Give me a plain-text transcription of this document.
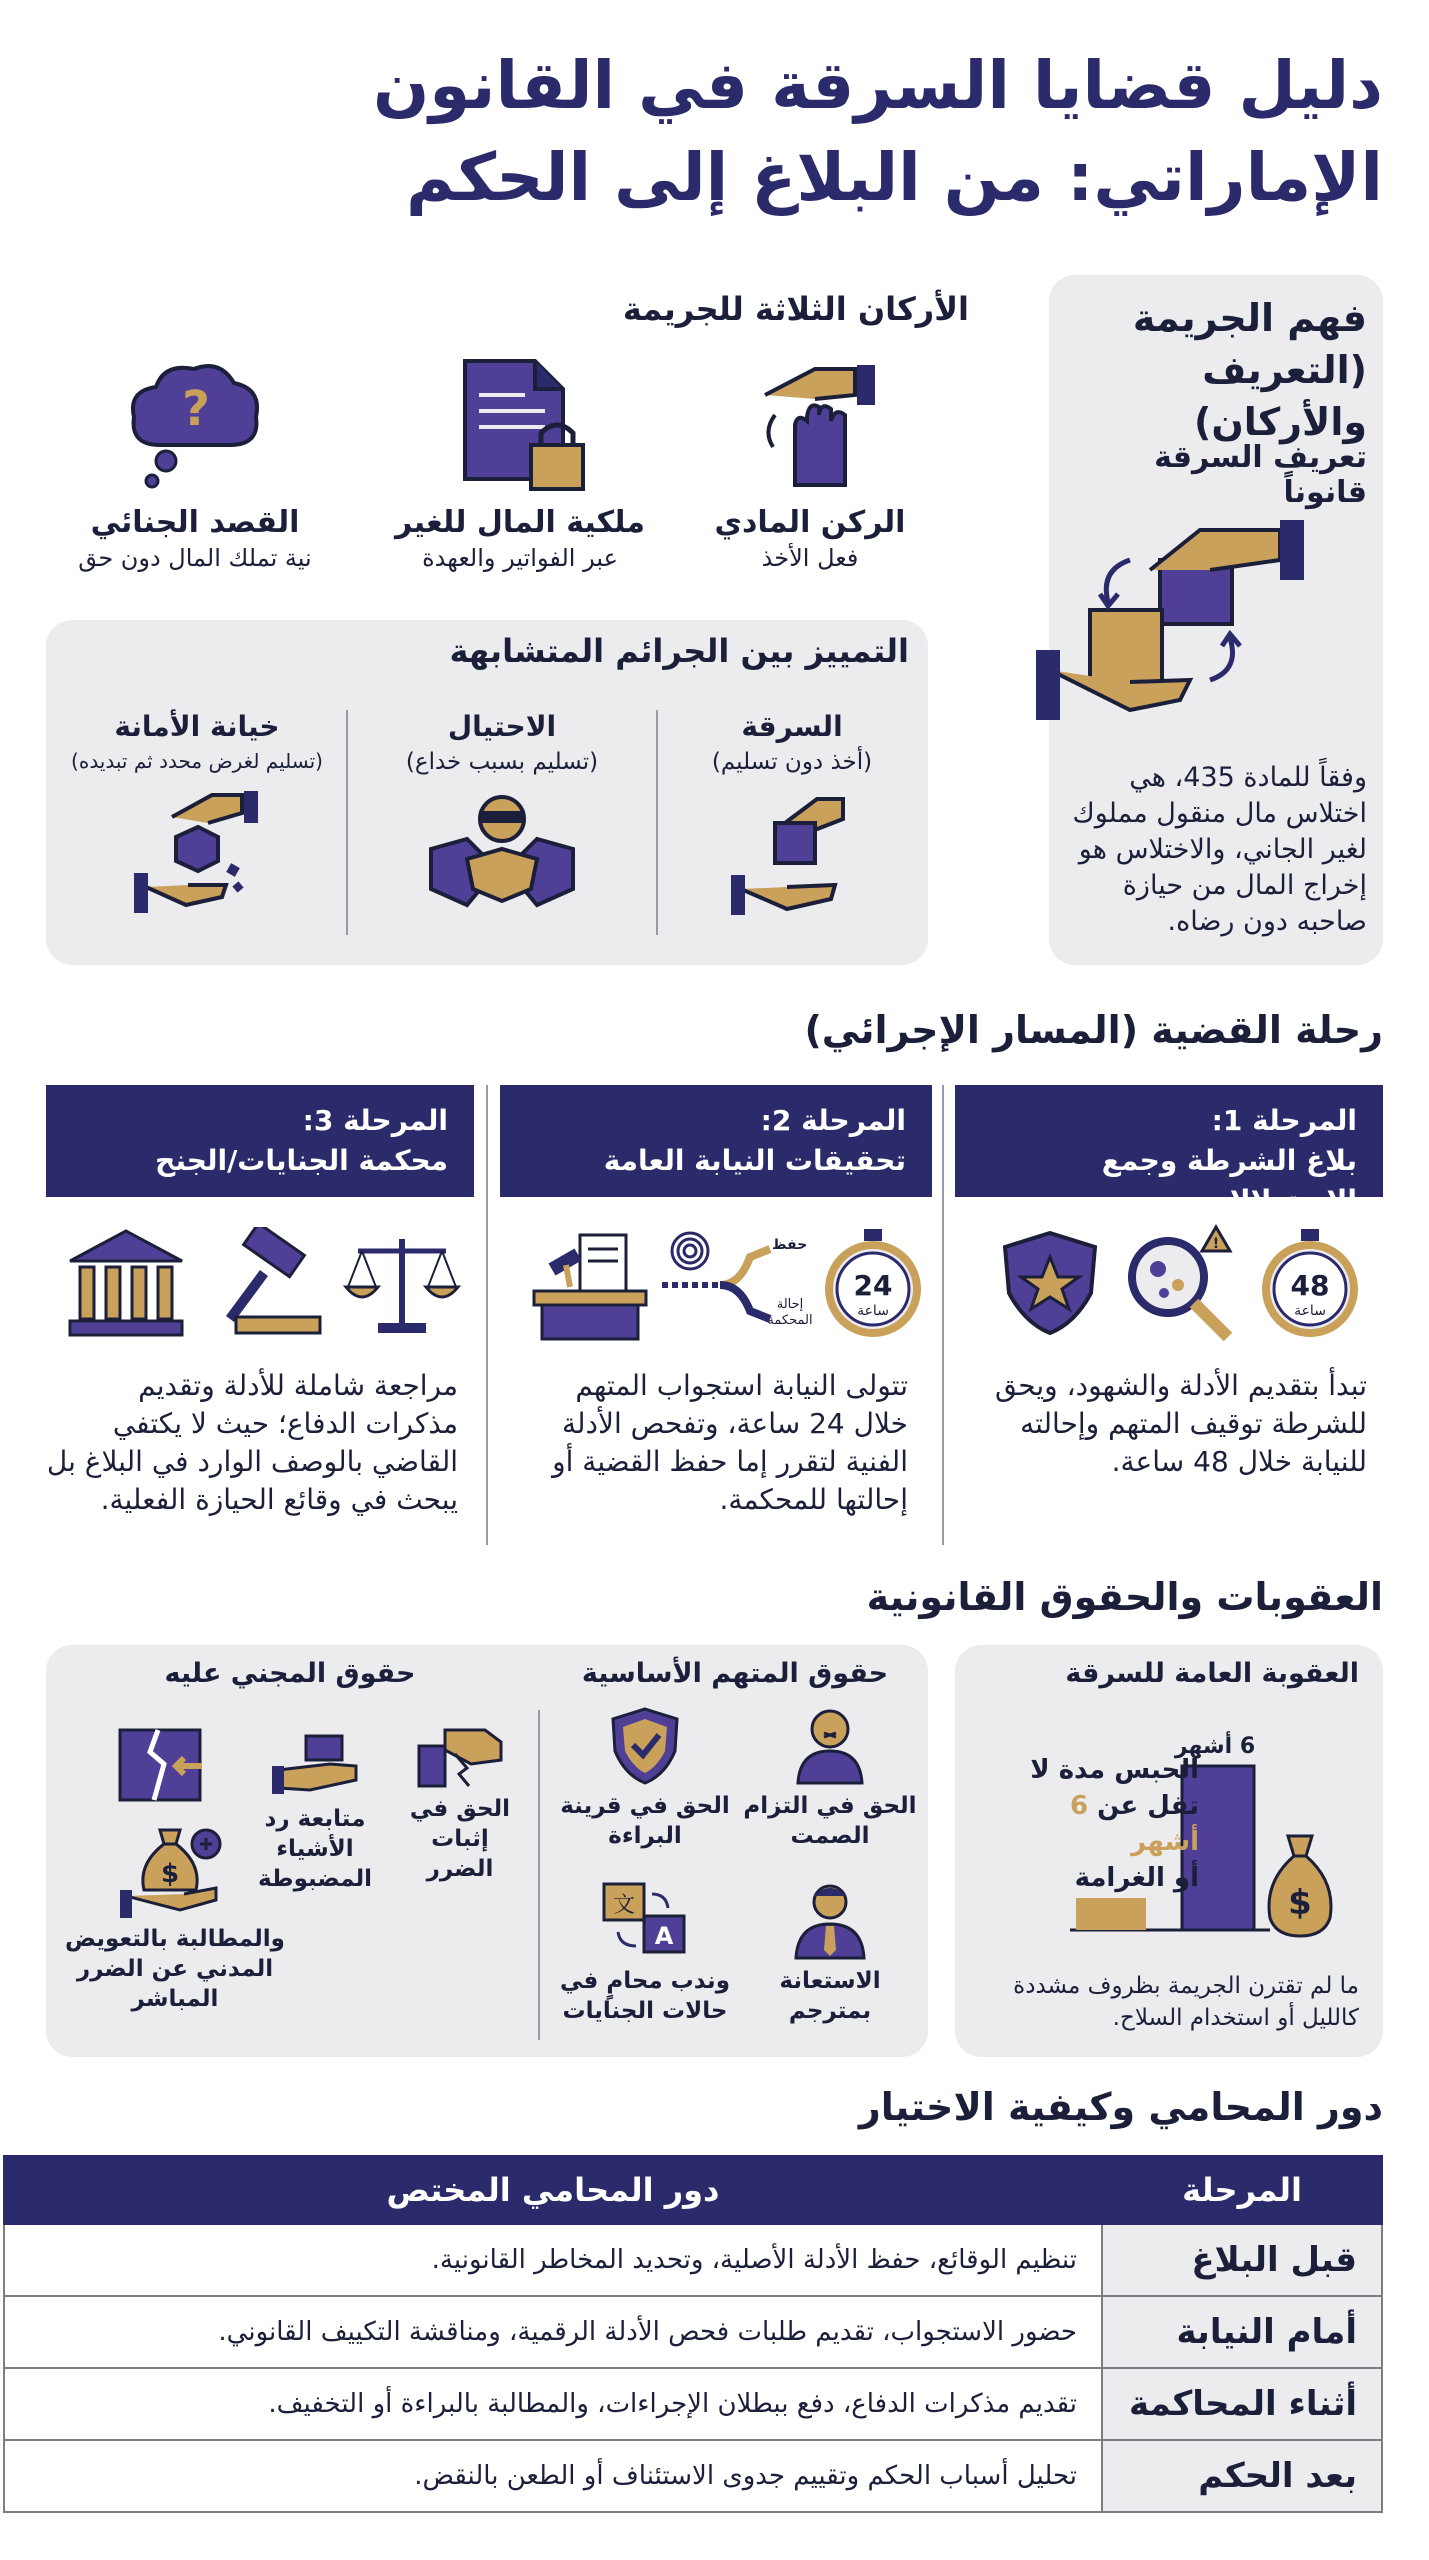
دليل قضايا السرقة في القانون
الإماراتي: من البلاغ إلى الحكم
فهم الجريمة
(التعريف والأركان)
تعريف السرقة قانوناً
وفقاً للمادة 435، هي اختلاس مال منقول مملوك لغير الجاني، والاختلاس هو إخراج المال من حيازة صاحبه دون رضاه.
الأركان الثلاثة للجريمة
الركن المادي
فعل الأخذ
ملكية المال للغير
عبر الفواتير والعهدة
?
القصد الجنائي
نية تملك المال دون حق
التمييز بين الجرائم المتشابهة
السرقة
(أخذ دون تسليم)
الاحتيال
(تسليم بسبب خداع)
خيانة الأمانة
(تسليم لغرض محدد ثم تبديده)
رحلة القضية (المسار الإجرائي)
المرحلة 1:
بلاغ الشرطة وجمع الاستدلالات
48
ساعة
!
تبدأ بتقديم الأدلة والشهود، ويحق للشرطة توقيف المتهم وإحالته للنيابة خلال 48 ساعة.
المرحلة 2:
تحقيقات النيابة العامة
24
ساعة
حفظ
إحالة
المحكمة
تتولى النيابة استجواب المتهم خلال 24 ساعة، وتفحص الأدلة الفنية لتقرر إما حفظ القضية أو إحالتها للمحكمة.
المرحلة 3:
محكمة الجنايات/الجنح
مراجعة شاملة للأدلة وتقديم مذكرات الدفاع؛ حيث لا يكتفي القاضي بالوصف الوارد في البلاغ بل يبحث في وقائع الحيازة الفعلية.
العقوبات والحقوق القانونية
العقوبة العامة للسرقة
6 أشهر
$
الحبس مدة لا
تقل عن 6 أشهر
أو الغرامة
ما لم تقترن الجريمة بظروف مشددة كالليل أو استخدام السلاح.
حقوق المتهم الأساسية
الحق في التزام الصمت
الحق في قرينة البراءة
الاستعانة بمترجم
文
A
وندب محامٍ في حالات الجنايات
حقوق المجني عليه
الحق في إثبات الضرر
متابعة رد الأشياء المضبوطة
$
والمطالبة بالتعويض المدني عن الضرر المباشر
دور المحامي وكيفية الاختيار
المرحلة	دور المحامي المختص
قبل البلاغ	تنظيم الوقائع، حفظ الأدلة الأصلية، وتحديد المخاطر القانونية.
أمام النيابة	حضور الاستجواب، تقديم طلبات فحص الأدلة الرقمية، ومناقشة التكييف القانوني.
أثناء المحاكمة	تقديم مذكرات الدفاع، دفع ببطلان الإجراءات، والمطالبة بالبراءة أو التخفيف.
بعد الحكم	تحليل أسباب الحكم وتقييم جدوى الاستئناف أو الطعن بالنقض.
